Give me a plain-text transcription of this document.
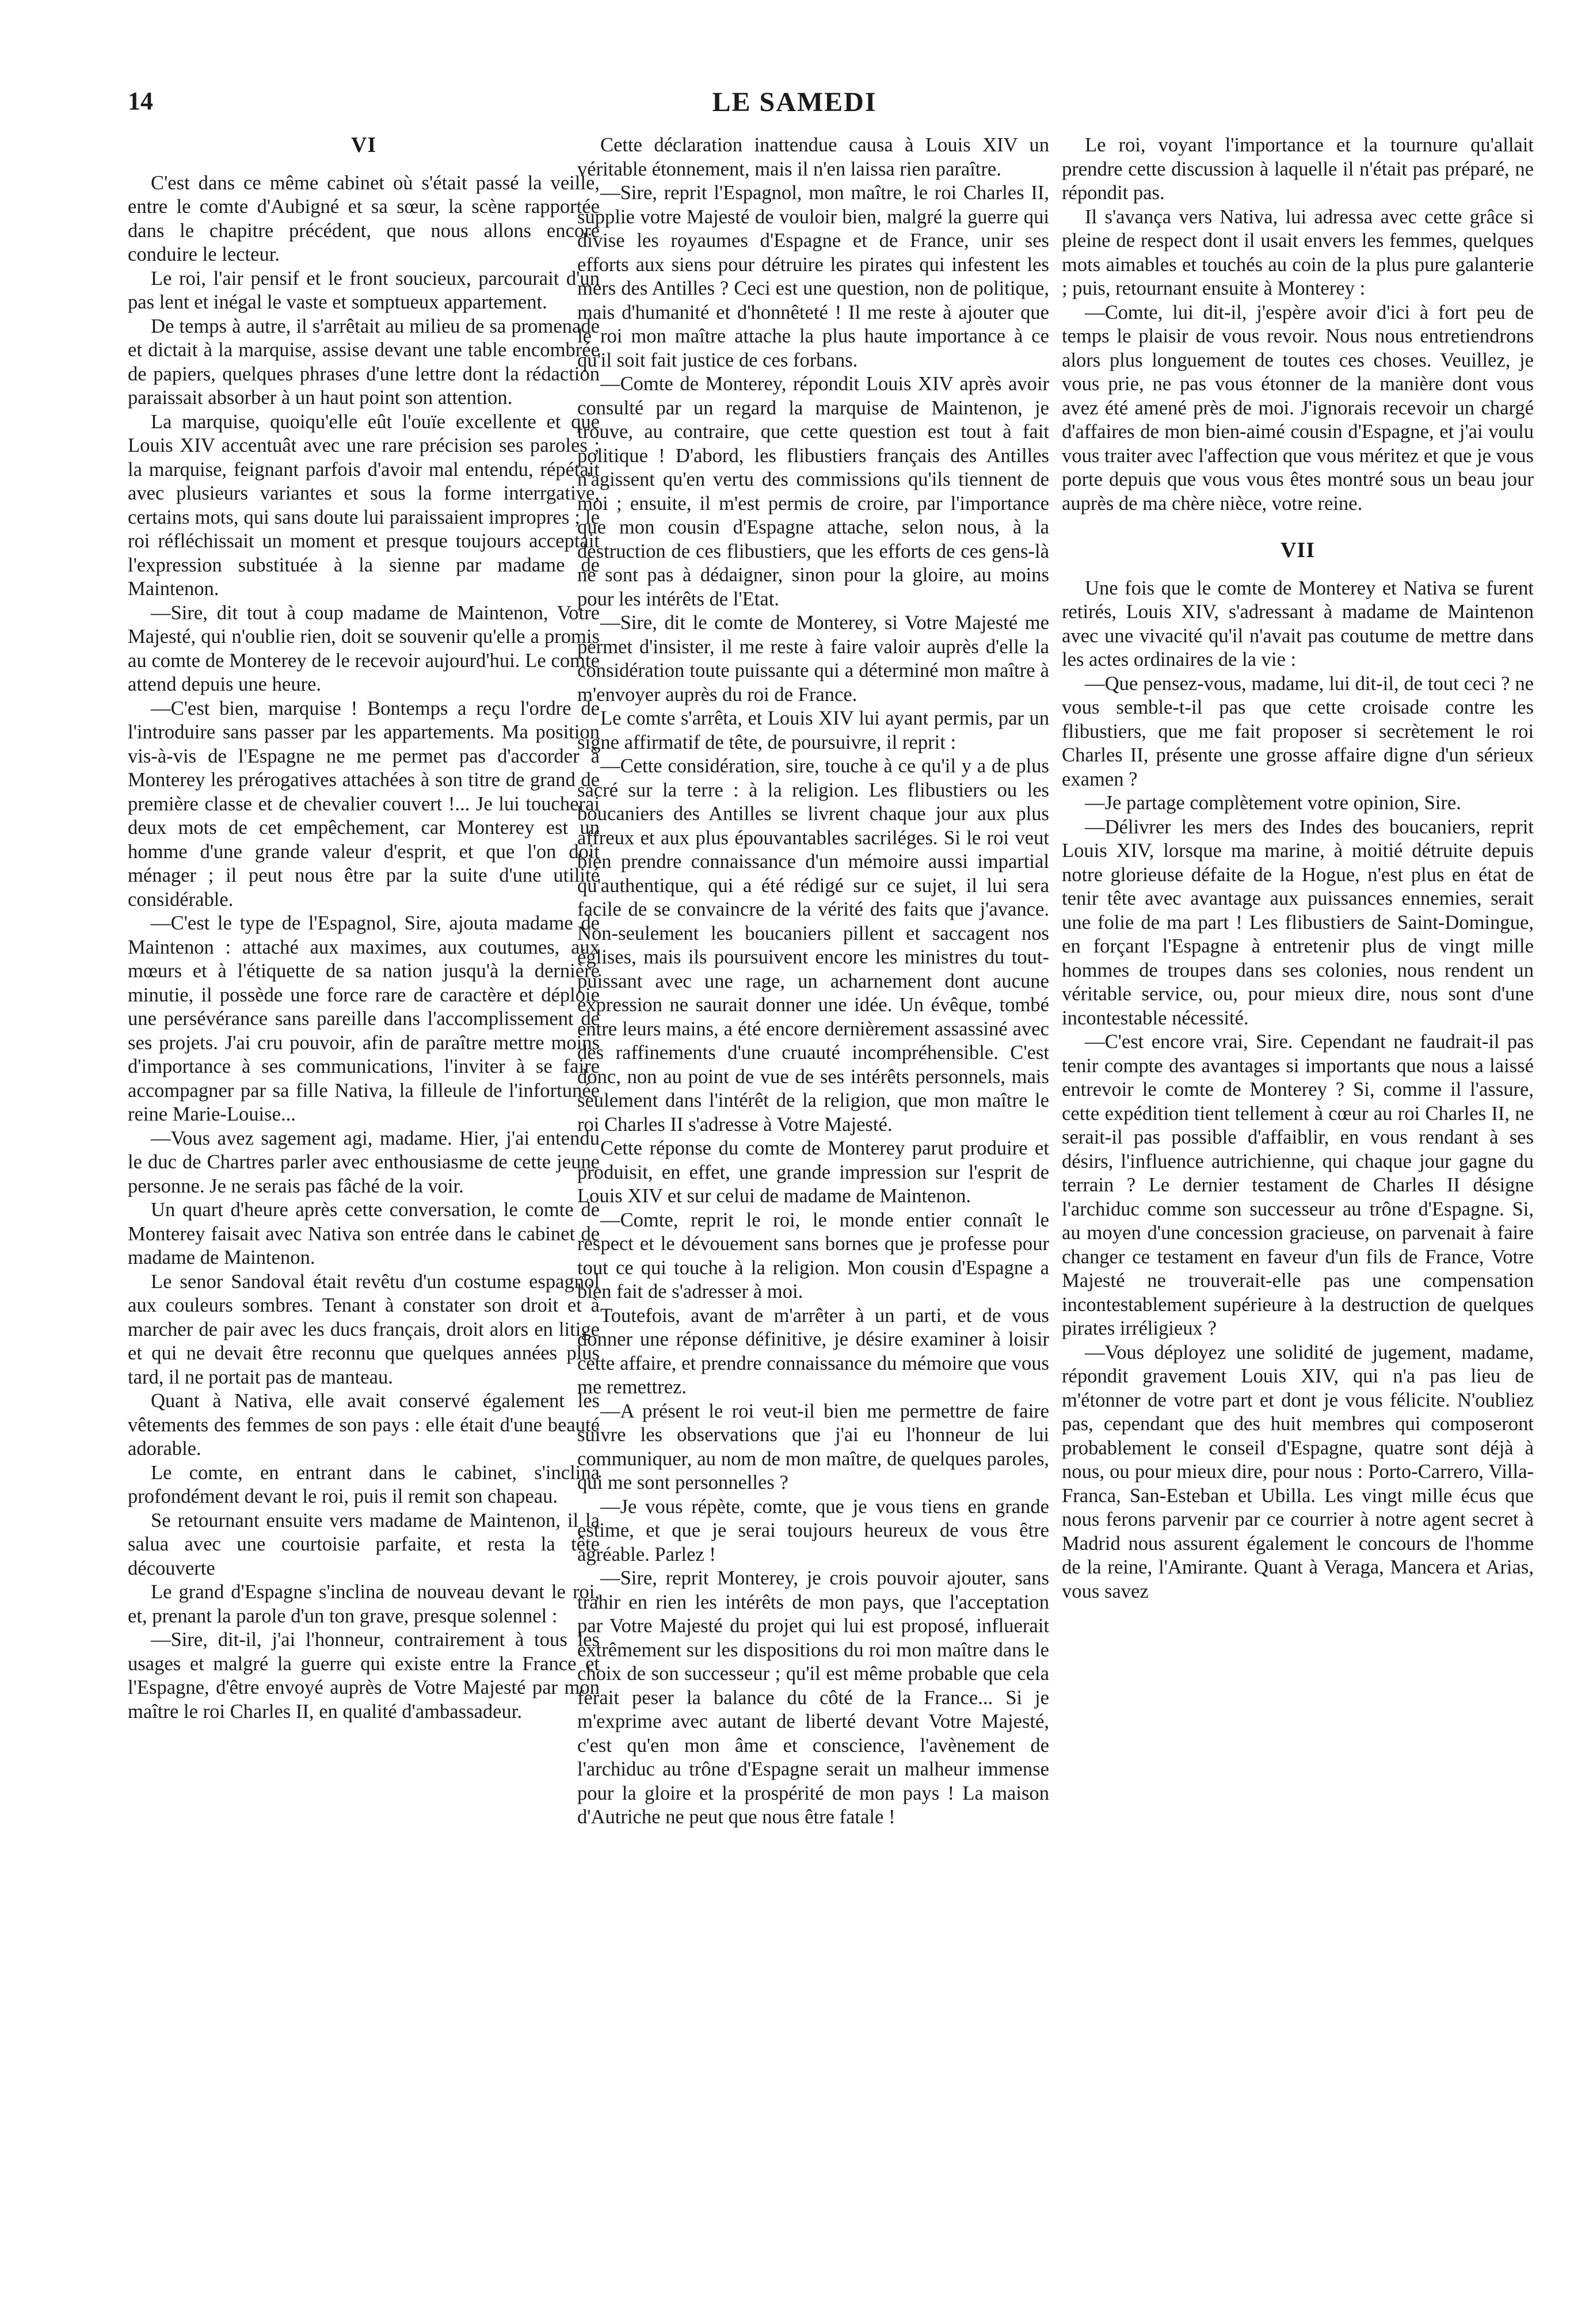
14	LE SAMEDI
VI

C'est dans ce même cabinet où s'était passé la veille, entre le comte d'Aubigné et sa sœur, la scène rapportée dans le chapitre précédent, que nous allons encore conduire le lecteur.

Le roi, l'air pensif et le front soucieux, parcourait d'un pas lent et inégal le vaste et somptueux appartement.

De temps à autre, il s'arrêtait au milieu de sa promenade et dictait à la marquise, assise devant une table encombrée de papiers, quelques phrases d'une lettre dont la rédaction paraissait absorber à un haut point son attention.

La marquise, quoiqu'elle eût l'ouïe excellente et que Louis XIV accentuât avec une rare précision ses paroles ; la marquise, feignant parfois d'avoir mal entendu, répétait avec plusieurs variantes et sous la forme interrgative, certains mots, qui sans doute lui paraissaient impropres ; le roi réfléchissait un moment et presque toujours acceptait l'expression substituée à la sienne par madame de Maintenon.

—Sire, dit tout à coup madame de Maintenon, Votre Majesté, qui n'oublie rien, doit se souvenir qu'elle a promis au comte de Monterey de le recevoir aujourd'hui. Le comte attend depuis une heure.

—C'est bien, marquise ! Bontemps a reçu l'ordre de l'introduire sans passer par les appartements. Ma position vis-à-vis de l'Espagne ne me permet pas d'accorder à Monterey les prérogatives attachées à son titre de grand de première classe et de chevalier couvert !... Je lui toucherai deux mots de cet empêchement, car Monterey est un homme d'une grande valeur d'esprit, et que l'on doit ménager ; il peut nous être par la suite d'une utilité considérable.

—C'est le type de l'Espagnol, Sire, ajouta madame de Maintenon : attaché aux maximes, aux coutumes, aux mœurs et à l'étiquette de sa nation jusqu'à la dernière minutie, il possède une force rare de caractère et déploie une persévérance sans pareille dans l'accomplissement de ses projets. J'ai cru pouvoir, afin de paraître mettre moins d'importance à ses communications, l'inviter à se faire accompagner par sa fille Nativa, la filleule de l'infortunée reine Marie-Louise...

—Vous avez sagement agi, madame. Hier, j'ai entendu le duc de Chartres parler avec enthousiasme de cette jeune personne. Je ne serais pas fâché de la voir.

Un quart d'heure après cette conversation, le comte de Monterey faisait avec Nativa son entrée dans le cabinet de madame de Maintenon.

Le senor Sandoval était revêtu d'un costume espagnol aux couleurs sombres. Tenant à constater son droit et à marcher de pair avec les ducs français, droit alors en litige et qui ne devait être reconnu que quelques années plus tard, il ne portait pas de manteau.

Quant à Nativa, elle avait conservé également les vêtements des femmes de son pays : elle était d'une beauté adorable.

Le comte, en entrant dans le cabinet, s'inclina profondément devant le roi, puis il remit son chapeau.

Se retournant ensuite vers madame de Maintenon, il la salua avec une courtoisie parfaite, et resta la tête découverte

Le grand d'Espagne s'inclina de nouveau devant le roi, et, prenant la parole d'un ton grave, presque solennel :

—Sire, dit-il, j'ai l'honneur, contrairement à tous les usages et malgré la guerre qui existe entre la France et l'Espagne, d'être envoyé auprès de Votre Majesté par mon maître le roi Charles II, en qualité d'ambassadeur.

Cette déclaration inattendue causa à Louis XIV un véritable étonnement, mais il n'en laissa rien paraître.

—Sire, reprit l'Espagnol, mon maître, le roi Charles II, supplie votre Majesté de vouloir bien, malgré la guerre qui divise les royaumes d'Espagne et de France, unir ses efforts aux siens pour détruire les pirates qui infestent les mers des Antilles ? Ceci est une question, non de politique, mais d'humanité et d'honnêteté ! Il me reste à ajouter que le roi mon maître attache la plus haute importance à ce qu'il soit fait justice de ces forbans.

—Comte de Monterey, répondit Louis XIV après avoir consulté par un regard la marquise de Maintenon, je trouve, au contraire, que cette question est tout à fait politique ! D'abord, les flibustiers français des Antilles n'agissent qu'en vertu des commissions qu'ils tiennent de moi ; ensuite, il m'est permis de croire, par l'importance que mon cousin d'Espagne attache, selon nous, à la destruction de ces flibustiers, que les efforts de ces gens-là ne sont pas à dédaigner, sinon pour la gloire, au moins pour les intérêts de l'Etat.

—Sire, dit le comte de Monterey, si Votre Majesté me permet d'insister, il me reste à faire valoir auprès d'elle la considération toute puissante qui a déterminé mon maître à m'envoyer auprès du roi de France.

Le comte s'arrêta, et Louis XIV lui ayant permis, par un signe affirmatif de tête, de poursuivre, il reprit :

—Cette considération, sire, touche à ce qu'il y a de plus sacré sur la terre : à la religion. Les flibustiers ou les boucaniers des Antilles se livrent chaque jour aux plus affreux et aux plus épouvantables sacriléges. Si le roi veut bien prendre connaissance d'un mémoire aussi impartial qu'authentique, qui a été rédigé sur ce sujet, il lui sera facile de se convaincre de la vérité des faits que j'avance. Non-seulement les boucaniers pillent et saccagent nos églises, mais ils poursuivent encore les ministres du tout-puissant avec une rage, un acharnement dont aucune expression ne saurait donner une idée. Un évêque, tombé entre leurs mains, a été encore dernièrement assassiné avec des raffinements d'une cruauté incompréhensible. C'est donc, non au point de vue de ses intérêts personnels, mais seulement dans l'intérêt de la religion, que mon maître le roi Charles II s'adresse à Votre Majesté.

Cette réponse du comte de Monterey parut produire et produisit, en effet, une grande impression sur l'esprit de Louis XIV et sur celui de madame de Maintenon.

—Comte, reprit le roi, le monde entier connaît le respect et le dévouement sans bornes que je professe pour tout ce qui touche à la religion. Mon cousin d'Espagne a bien fait de s'adresser à moi.

Toutefois, avant de m'arrêter à un parti, et de vous donner une réponse définitive, je désire examiner à loisir cette affaire, et prendre connaissance du mémoire que vous me remettrez.

—A présent le roi veut-il bien me permettre de faire suivre les observations que j'ai eu l'honneur de lui communiquer, au nom de mon maître, de quelques paroles, qui me sont personnelles ?

—Je vous répète, comte, que je vous tiens en grande estime, et que je serai toujours heureux de vous être agréable. Parlez !

—Sire, reprit Monterey, je crois pouvoir ajouter, sans trahir en rien les intérêts de mon pays, que l'acceptation par Votre Majesté du projet qui lui est proposé, influerait extrêmement sur les dispositions du roi mon maître dans le choix de son successeur ; qu'il est même probable que cela ferait peser la balance du côté de la France... Si je m'exprime avec autant de liberté devant Votre Majesté, c'est qu'en mon âme et conscience, l'avènement de l'archiduc au trône d'Espagne serait un malheur immense pour la gloire et la prospérité de mon pays ! La maison d'Autriche ne peut que nous être fatale !

Le roi, voyant l'importance et la tournure qu'allait prendre cette discussion à laquelle il n'était pas préparé, ne répondit pas.

Il s'avança vers Nativa, lui adressa avec cette grâce si pleine de respect dont il usait envers les femmes, quelques mots aimables et touchés au coin de la plus pure galanterie ; puis, retournant ensuite à Monterey :

—Comte, lui dit-il, j'espère avoir d'ici à fort peu de temps le plaisir de vous revoir. Nous nous entretiendrons alors plus longuement de toutes ces choses. Veuillez, je vous prie, ne pas vous étonner de la manière dont vous avez été amené près de moi. J'ignorais recevoir un chargé d'affaires de mon bien-aimé cousin d'Espagne, et j'ai voulu vous traiter avec l'affection que vous méritez et que je vous porte depuis que vous vous êtes montré sous un beau jour auprès de ma chère nièce, votre reine.

VII

Une fois que le comte de Monterey et Nativa se furent retirés, Louis XIV, s'adressant à madame de Maintenon avec une vivacité qu'il n'avait pas coutume de mettre dans les actes ordinaires de la vie :

—Que pensez-vous, madame, lui dit-il, de tout ceci ? ne vous semble-t-il pas que cette croisade contre les flibustiers, que me fait proposer si secrètement le roi Charles II, présente une grosse affaire digne d'un sérieux examen ?

—Je partage complètement votre opinion, Sire.

—Délivrer les mers des Indes des boucaniers, reprit Louis XIV, lorsque ma marine, à moitié détruite depuis notre glorieuse défaite de la Hogue, n'est plus en état de tenir tête avec avantage aux puissances ennemies, serait une folie de ma part ! Les flibustiers de Saint-Domingue, en forçant l'Espagne à entretenir plus de vingt mille hommes de troupes dans ses colonies, nous rendent un véritable service, ou, pour mieux dire, nous sont d'une incontestable nécessité.

—C'est encore vrai, Sire. Cependant ne faudrait-il pas tenir compte des avantages si importants que nous a laissé entrevoir le comte de Monterey ? Si, comme il l'assure, cette expédition tient tellement à cœur au roi Charles II, ne serait-il pas possible d'affaiblir, en vous rendant à ses désirs, l'influence autrichienne, qui chaque jour gagne du terrain ? Le dernier testament de Charles II désigne l'archiduc comme son successeur au trône d'Espagne. Si, au moyen d'une concession gracieuse, on parvenait à faire changer ce testament en faveur d'un fils de France, Votre Majesté ne trouverait-elle pas une compensation incontestablement supérieure à la destruction de quelques pirates irréligieux ?

—Vous déployez une solidité de jugement, madame, répondit gravement Louis XIV, qui n'a pas lieu de m'étonner de votre part et dont je vous félicite. N'oubliez pas, cependant que des huit membres qui composeront probablement le conseil d'Espagne, quatre sont déjà à nous, ou pour mieux dire, pour nous : Porto-Carrero, Villa-Franca, San-Esteban et Ubilla. Les vingt mille écus que nous ferons parvenir par ce courrier à notre agent secret à Madrid nous assurent également le concours de l'homme de la reine, l'Amirante. Quant à Veraga, Mancera et Arias, vous savez
